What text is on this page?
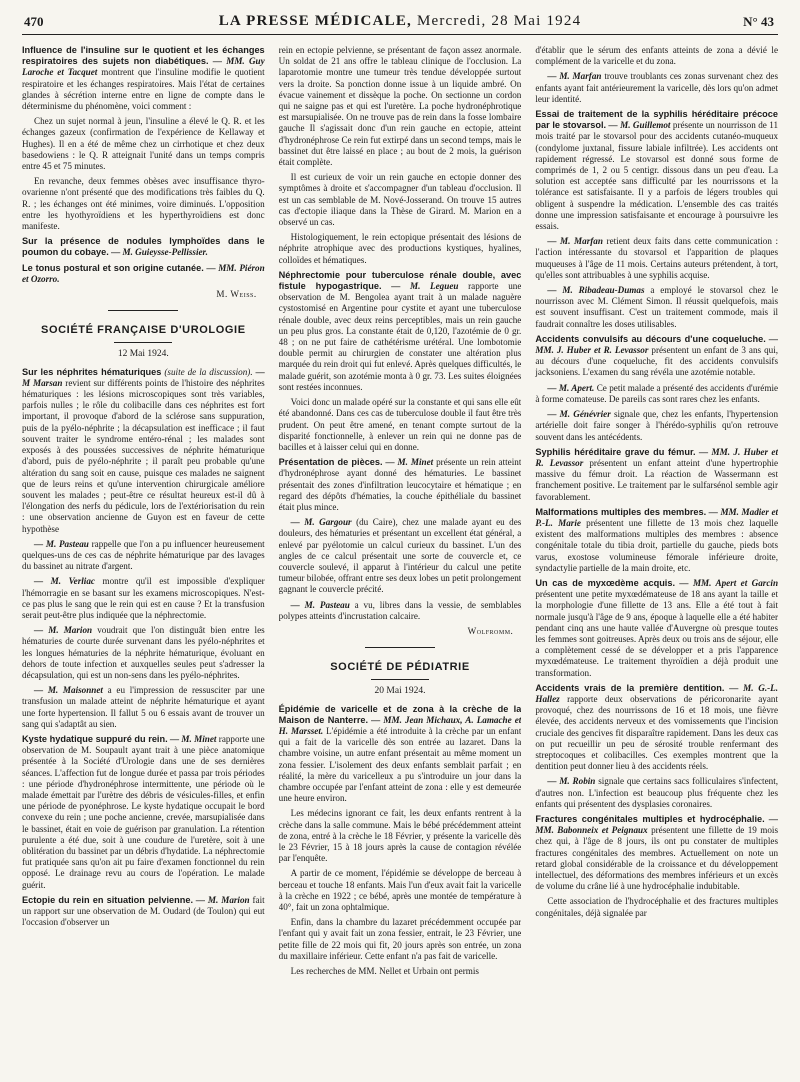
470	LA PRESSE MÉDICALE, Mercredi, 28 Mai 1924	N° 43

Influence de l'insuline sur le quotient et les échanges respiratoires des sujets non diabétiques. — MM. Guy Laroche et Tacquet montrent que l'insuline modifie le quotient respiratoire et les échanges respiratoires. Mais l'état de certaines glandes à sécrétion interne entre en ligne de compte dans le déterminisme du phénomène, voici comment :

Chez un sujet normal à jeun, l'insuline a élevé le Q. R. et les échanges gazeux (confirmation de l'expérience de Kellaway et Hughes). Il en a été de même chez un cirrhotique et chez deux basedowiens : le Q. R atteignait l'unité dans un temps compris entre 45 et 75 minutes.

En revanche, deux femmes obèses avec insuffisance thyro-ovarienne n'ont présenté que des modifications très faibles du Q. R. ; les échanges ont été minimes, voire diminués. L'opposition entre les hyothyroïdiens et les hyperthyroïdiens est donc manifeste.

Sur la présence de nodules lymphoïdes dans le poumon du cobaye. — M. Guieysse-Pellissier.

Le tonus postural et son origine cutanée. — MM. Piéron et Ozorro.

M. Weiss.
SOCIÉTÉ FRANÇAISE D'UROLOGIE
12 Mai 1924.

Sur les néphrites hématuriques (suite de la discussion). — M Marsan revient sur différents points de l'histoire des néphrites hématuriques : les lésions microscopiques sont très variables, parfois nulles ; le rôle du colibacille dans ces néphrites est fort important, il provoque d'abord de la sclérose sans suppuration, puis de la pyélo-néphrite ; la décapsulation est inefficace ; il faut souvent traiter le syndrome entéro-rénal ; les malades sont exposés à des poussées successives de néphrite hématurique d'abord, puis de pyélo-néphrite ; il paraît peu probable qu'une altération du sang soit en cause, puisque ces malades ne saignent que de leurs reins et qu'une intervention chirurgicale améliore souvent les malades ; peut-être ce résultat heureux est-il dû à l'élongation des nerfs du pédicule, lors de l'extériorisation du rein : une observation ancienne de Guyon est en faveur de cette hypothèse

— M. Pasteau rappelle que l'on a pu influencer heureusement quelques-uns de ces cas de néphrite hématurique par des lavages du bassinet au nitrate d'argent.

— M. Verliac montre qu'il est impossible d'expliquer l'hémorragie en se basant sur les examens microscopiques. N'est-ce pas plus le sang que le rein qui est en cause ? Et la transfusion serait peut-être plus indiquée que la néphrectomie.

— M. Marion voudrait que l'on distinguât bien entre les hématuries de courte durée survenant dans les pyélo-néphrites et les longues hématuries de la néphrite hématurique, évoluant en dehors de toute infection et auxquelles seules peut s'adresser la décapsulation, qui est un non-sens dans les pyélo-néphrites.

— M. Maisonnet a eu l'impression de ressusciter par une transfusion un malade atteint de néphrite hématurique et ayant une forte hypertension. Il fallut 5 ou 6 essais avant de trouver un sang qui s'adaptât au sien.

Kyste hydatique suppuré du rein. — M. Minet rapporte une observation de M. Soupault ayant trait à une pièce anatomique présentée à la Société d'Urologie dans une de ses dernières séances. L'affection fut de longue durée et passa par trois périodes : une période d'hydronéphrose intermittente, une période où le malade émettait par l'urètre des débris de vésicules-filles, et enfin une période de pyonéphrose. Le kyste hydatique occupait le bord convexe du rein ; une poche ancienne, crevée, marsupialisée dans le bassinet, était en voie de guérison par granulation. La rétention purulente a été due, soit à une coudure de l'uretère, soit à une oblitération du bassinet par un débris d'hydatide. La néphrectomie fut pratiquée sans qu'on ait pu faire d'examen fonctionnel du rein opposé. Le drainage revu au cours de l'opération. Le malade guérit.

Ectopie du rein en situation pelvienne. — M. Marion fait un rapport sur une observation de M. Oudard (de Toulon) qui eut l'occasion d'observer un

rein en ectopie pelvienne, se présentant de façon assez anormale. Un soldat de 21 ans offre le tableau clinique de l'occlusion. La laparotomie montre une tumeur très tendue développée surtout vers la droite. Sa ponction donne issue à un liquide ambré. On évacue vainement et dissèque la poche. On sectionne un cordon qui ne saigne pas et qui est l'uretère. La poche hydronéphrotique est marsupialisée. On ne trouve pas de rein dans la fosse lombaire gauche Il s'agissait donc d'un rein gauche en ectopie, atteint d'hydronéphrose Ce rein fut extirpé dans un second temps, mais le bassinet dut être laissé en place ; au bout de 2 mois, la guérison était complète.

Il est curieux de voir un rein gauche en ectopie donner des symptômes à droite et s'accompagner d'un tableau d'occlusion. Il est un cas semblable de M. Nové-Josserand. On trouve 15 autres cas d'ectopie iliaque dans la Thèse de Girard. M. Marion en a observé un cas.

Histologiquement, le rein ectopique présentait des lésions de néphrite atrophique avec des productions kystiques, hyalines, colloïdes et hématiques.

Néphrectomie pour tuberculose rénale double, avec fistule hypogastrique. — M. Legueu rapporte une observation de M. Bengolea ayant trait à un malade naguère cystostomisé en Argentine pour cystite et ayant une tuberculose rénale double, avec deux reins perceptibles, mais un rein gauche un peu plus gros. La constante était de 0,120, l'azotémie de 0 gr. 48 ; on ne put faire de cathétérisme urétéral. Une lombotomie double permit au chirurgien de constater une altération plus marquée du rein droit qui fut enlevé. Après quelques difficultés, le malade guérit, son azotémie monta à 0 gr. 73. Les suites éloignées sont restées inconnues.

Voici donc un malade opéré sur la constante et qui sans elle eût été abandonné. Dans ces cas de tuberculose double il faut être très prudent. On peut être amené, en tenant compte surtout de la disparité fonctionnelle, à enlever un rein qui ne donne pas de bacilles et à laisser celui qui en donne.

Présentation de pièces. — M. Minet présente un rein atteint d'hydronéphrose ayant donné des hématuries. Le bassinet présentait des zones d'infiltration leucocytaire et hématique ; en regard des dépôts d'hématies, la couche épithéliale du bassinet était plus mince.

— M. Gargour (du Caire), chez une malade ayant eu des douleurs, des hématuries et présentant un excellent état général, a enlevé par pyélotomie un calcul curieux du bassinet. L'un des angles de ce calcul présentait une sorte de couvercle et, ce couvercle soulevé, il apparut à l'intérieur du calcul une petite tumeur bilobée, offrant entre ses deux lobes un petit prolongement gagnant le couvercle précité.

— M. Pasteau a vu, libres dans la vessie, de semblables polypes atteints d'incrustation calcaire.

Wolfromm.
SOCIÉTÉ DE PÉDIATRIE
20 Mai 1924.

Épidémie de varicelle et de zona à la crèche de la Maison de Nanterre. — MM. Jean Michaux, A. Lamache et H. Marsset. L'épidémie a été introduite à la crèche par un enfant qui a fait de la varicelle dès son entrée au lazaret. Dans la chambre voisine, un autre enfant présentait au même moment un zona fessier. L'isolement des deux enfants semblait parfait ; en réalité, la mère du varicelleux a pu s'introduire un jour dans la chambre occupée par l'enfant atteint de zona : elle y est demeurée une heure environ.

Les médecins ignorant ce fait, les deux enfants rentrent à la crèche dans la salle commune. Mais le bébé précédemment atteint de zona, entré à la crèche le 18 Février, y présente la varicelle dès le 23 Février, 15 à 18 jours après la cause de contagion révélée par l'enquête.

A partir de ce moment, l'épidémie se développe de berceau à berceau et touche 18 enfants. Mais l'un d'eux avait fait la varicelle à la crèche en 1922 ; ce bébé, après une montée de température à 40°, fait un zona ophtalmique.

Enfin, dans la chambre du lazaret précédemment occupée par l'enfant qui y avait fait un zona fessier, entrait, le 23 Février, une petite fille de 22 mois qui fit, 20 jours après son entrée, un zona du maxillaire inférieur. Cette enfant n'a pas fait de varicelle.

Les recherches de MM. Nellet et Urbain ont permis

d'établir que le sérum des enfants atteints de zona a dévié le complément de la varicelle et du zona.

— M. Marfan trouve troublants ces zonas survenant chez des enfants ayant fait antérieurement la varicelle, dès lors qu'on admet leur identité.

Essai de traitement de la syphilis héréditaire précoce par le stovarsol. — M. Guillemot présente un nourrisson de 11 mois traité par le stovarsol pour des accidents cutanéo-muqueux (condylome juxtanal, fissure labiale infiltrée). Les accidents ont rapidement régressé. Le stovarsol est donné sous forme de comprimés de 1, 2 ou 5 centigr. dissous dans un peu d'eau. La solution est acceptée sans difficulté par les nourrissons et la tolérance est satisfaisante. Il y a parfois de légers troubles qui obligent à suspendre la médication. L'ensemble des cas traités donne une impression satisfaisante et encourage à poursuivre les essais.

— M. Marfan retient deux faits dans cette communication : l'action intéressante du stovarsol et l'apparition de plaques muqueuses à l'âge de 11 mois. Certains auteurs prétendent, à tort, qu'elles sont attribuables à une syphilis acquise.

— M. Ribadeau-Dumas a employé le stovarsol chez le nourrisson avec M. Clément Simon. Il réussit quelquefois, mais est souvent insuffisant. C'est un traitement commode, mais il faudrait connaître les doses utilisables.

Accidents convulsifs au décours d'une coqueluche. — MM. J. Huber et R. Levassor présentent un enfant de 3 ans qui, au décours d'une coqueluche, fit des accidents convulsifs jacksoniens. L'examen du sang révéla une azotémie notable.

— M. Apert. Ce petit malade a présenté des accidents d'urémie à forme comateuse. De pareils cas sont rares chez les enfants.

— M. Génévrier signale que, chez les enfants, l'hypertension artérielle doit faire songer à l'hérédo-syphilis qu'on retrouve souvent dans les antécédents.

Syphilis héréditaire grave du fémur. — MM. J. Huber et R. Levassor présentent un enfant atteint d'une hypertrophie massive du fémur droit. La réaction de Wassermann est franchement positive. Le traitement par le sulfarsénol semble agir favorablement.

Malformations multiples des membres. — MM. Madier et P.-L. Marie présentent une fillette de 13 mois chez laquelle existent des malformations multiples des membres : absence congénitale totale du tibia droit, partielle du gauche, pieds bots varus, exostose volumineuse fémorale inférieure droite, syndactylie partielle de la main droite, etc.

Un cas de myxœdème acquis. — MM. Apert et Garcin présentent une petite myxœdémateuse de 18 ans ayant la taille et la morphologie d'une fillette de 13 ans. Elle a été tout à fait normale jusqu'à l'âge de 9 ans, époque à laquelle elle a été habiter pendant cinq ans une haute vallée d'Auvergne où presque toutes les femmes sont goitreuses. Après deux ou trois ans de séjour, elle a complètement cessé de se développer et a pris l'apparence myxœdémateuse. Le traitement thyroïdien a déjà produit une transformation.

Accidents vrais de la première dentition. — M. G.-L. Hallez rapporte deux observations de péricoronarite ayant provoqué, chez des nourrissons de 16 et 18 mois, une fièvre élevée, des accidents nerveux et des vomissements que l'incision cruciale des gencives fit disparaître rapidement. Dans les deux cas on put recueillir un peu de sérosité trouble renfermant des streptocoques et colibacilles. Ces exemples montrent que la dentition peut donner lieu à des accidents réels.

— M. Robin signale que certains sacs folliculaires s'infectent, d'autres non. L'infection est beaucoup plus fréquente chez les enfants qui présentent des dysplasies coronaires.

Fractures congénitales multiples et hydrocéphalie. — MM. Babonneix et Peignaux présentent une fillette de 19 mois chez qui, à l'âge de 8 jours, ils ont pu constater de multiples fractures congénitales des membres. Actuellement on note un retard global considérable de la croissance et du développement intellectuel, des déformations des membres inférieurs et un excès de volume du crâne lié à une hydrocéphalie indubitable.

Cette association de l'hydrocéphalie et des fractures multiples congénitales, déjà signalée par
